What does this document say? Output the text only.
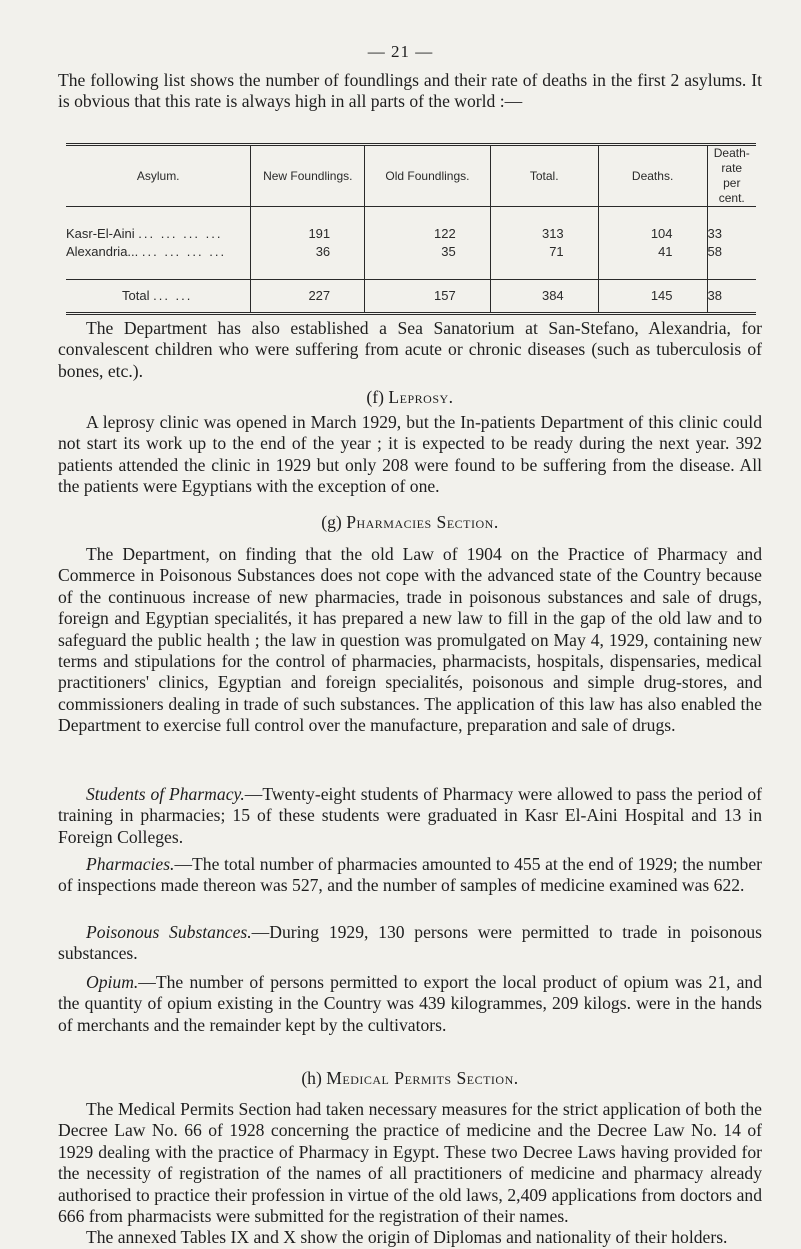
— 21 —

The following list shows the number of foundlings and their rate of deaths in the first 2 asylums. It is obvious that this rate is always high in all parts of the world :—

Asylum.	New Foundlings.	Old Foundlings.	Total.	Deaths.	Death-rate per cent.

Kasr-El-Aini ... ... ... ...	191	122	313	104	33
Alexandria... ... ... ... ...	36	35	71	41	58

Total ... ...	227	157	384	145	38

The Department has also established a Sea Sanatorium at San-Stefano, Alexandria, for convalescent children who were suffering from acute or chronic diseases (such as tuberculosis of bones, etc.).

(f) Leprosy.

A leprosy clinic was opened in March 1929, but the In-patients Department of this clinic could not start its work up to the end of the year ; it is expected to be ready during the next year. 392 patients attended the clinic in 1929 but only 208 were found to be suffering from the disease. All the patients were Egyptians with the exception of one.

(g) Pharmacies Section.

The Department, on finding that the old Law of 1904 on the Practice of Pharmacy and Commerce in Poisonous Substances does not cope with the advanced state of the Country because of the continuous increase of new pharmacies, trade in poisonous substances and sale of drugs, foreign and Egyptian specialités, it has prepared a new law to fill in the gap of the old law and to safeguard the public health ; the law in question was promulgated on May 4, 1929, containing new terms and stipulations for the control of pharmacies, pharmacists, hospitals, dispensaries, medical practitioners' clinics, Egyptian and foreign specialités, poisonous and simple drug-stores, and commissioners dealing in trade of such substances. The application of this law has also enabled the Department to exercise full control over the manufacture, preparation and sale of drugs.

Students of Pharmacy.—Twenty-eight students of Pharmacy were allowed to pass the period of training in pharmacies; 15 of these students were graduated in Kasr El-Aini Hospital and 13 in Foreign Colleges.

Pharmacies.—The total number of pharmacies amounted to 455 at the end of 1929; the number of inspections made thereon was 527, and the number of samples of medicine examined was 622.

Poisonous Substances.—During 1929, 130 persons were permitted to trade in poisonous substances.

Opium.—The number of persons permitted to export the local product of opium was 21, and the quantity of opium existing in the Country was 439 kilogrammes, 209 kilogs. were in the hands of merchants and the remainder kept by the cultivators.

(h) Medical Permits Section.

The Medical Permits Section had taken necessary measures for the strict application of both the Decree Law No. 66 of 1928 concerning the practice of medicine and the Decree Law No. 14 of 1929 dealing with the practice of Pharmacy in Egypt. These two Decree Laws having provided for the necessity of registration of the names of all practitioners of medicine and pharmacy already authorised to practice their profession in virtue of the old laws, 2,409 applications from doctors and 666 from pharmacists were submitted for the registration of their names.

The annexed Tables IX and X show the origin of Diplomas and nationality of their holders.
